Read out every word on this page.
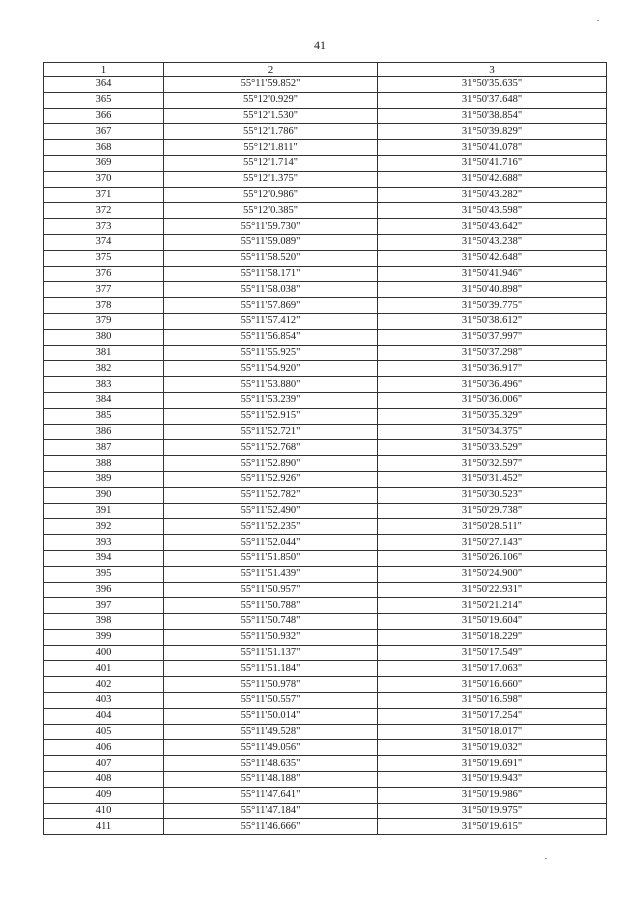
41
1	2	3
364	55°11'59.852"	31°50'35.635"
365	55°12'0.929"	31°50'37.648"
366	55°12'1.530"	31°50'38.854"
367	55°12'1.786"	31°50'39.829"
368	55°12'1.811"	31°50'41.078"
369	55°12'1.714"	31°50'41.716"
370	55°12'1.375"	31°50'42.688"
371	55°12'0.986"	31°50'43.282"
372	55°12'0.385"	31°50'43.598"
373	55°11'59.730"	31°50'43.642"
374	55°11'59.089"	31°50'43.238"
375	55°11'58.520"	31°50'42.648"
376	55°11'58.171"	31°50'41.946"
377	55°11'58.038"	31°50'40.898"
378	55°11'57.869"	31°50'39.775"
379	55°11'57.412"	31°50'38.612"
380	55°11'56.854"	31°50'37.997"
381	55°11'55.925"	31°50'37.298"
382	55°11'54.920"	31°50'36.917"
383	55°11'53.880"	31°50'36.496"
384	55°11'53.239"	31°50'36.006"
385	55°11'52.915"	31°50'35.329"
386	55°11'52.721"	31°50'34.375"
387	55°11'52.768"	31°50'33.529"
388	55°11'52.890"	31°50'32.597"
389	55°11'52.926"	31°50'31.452"
390	55°11'52.782"	31°50'30.523"
391	55°11'52.490"	31°50'29.738"
392	55°11'52.235"	31°50'28.511"
393	55°11'52.044"	31°50'27.143"
394	55°11'51.850"	31°50'26.106"
395	55°11'51.439"	31°50'24.900"
396	55°11'50.957"	31°50'22.931"
397	55°11'50.788"	31°50'21.214"
398	55°11'50.748"	31°50'19.604"
399	55°11'50.932"	31°50'18.229"
400	55°11'51.137"	31°50'17.549"
401	55°11'51.184"	31°50'17.063"
402	55°11'50.978"	31°50'16.660"
403	55°11'50.557"	31°50'16.598"
404	55°11'50.014"	31°50'17.254"
405	55°11'49.528"	31°50'18.017"
406	55°11'49.056"	31°50'19.032"
407	55°11'48.635"	31°50'19.691"
408	55°11'48.188"	31°50'19.943"
409	55°11'47.641"	31°50'19.986"
410	55°11'47.184"	31°50'19.975"
411	55°11'46.666"	31°50'19.615"
